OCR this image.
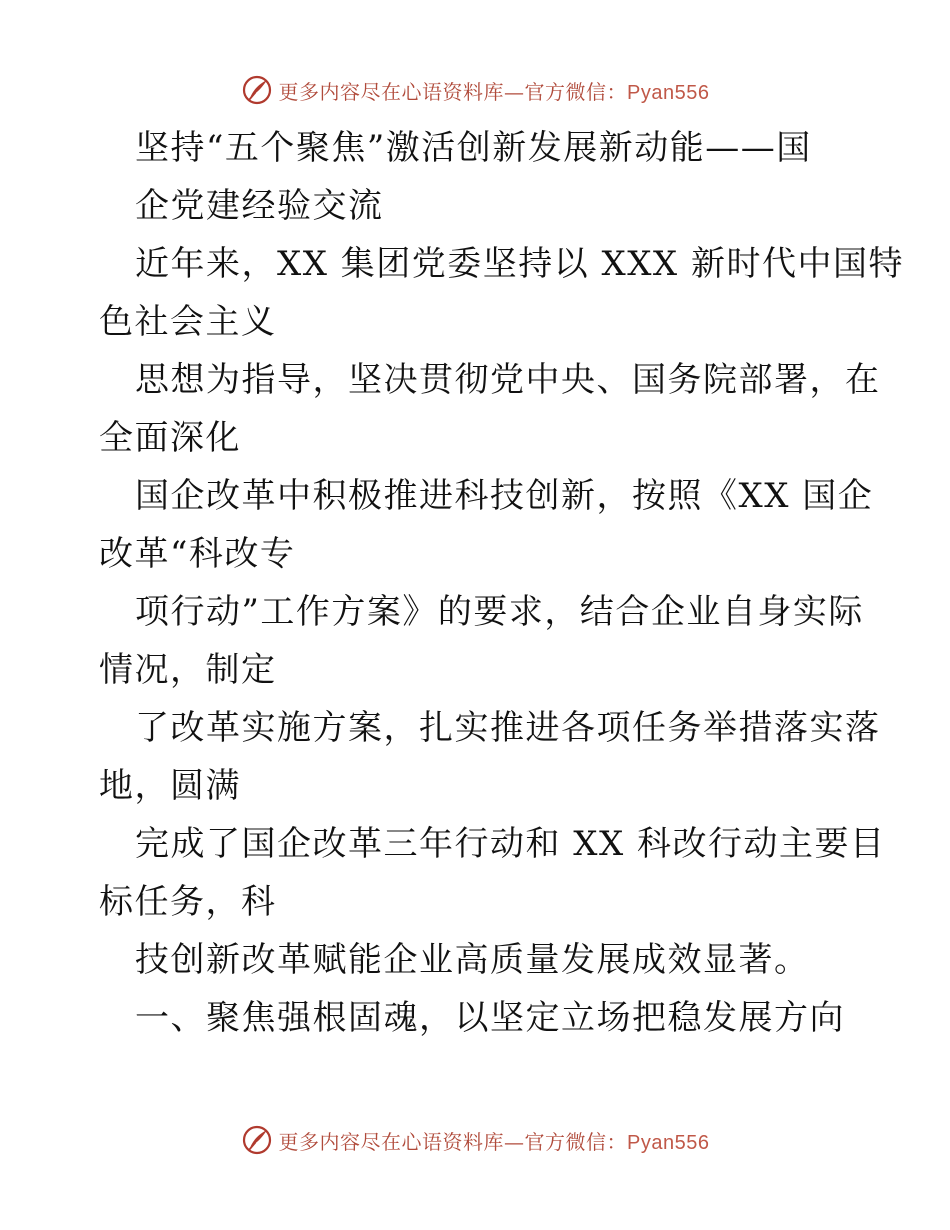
更多内容尽在心语资料库—官方微信：Pyan556
坚持“五个聚焦”激活创新发展新动能——国
企党建经验交流
近年来，XX 集团党委坚持以 XXX 新时代中国特
色社会主义
思想为指导，坚决贯彻党中央、国务院部署，在
全面深化
国企改革中积极推进科技创新，按照《XX 国企
改革“科改专
项行动”工作方案》的要求，结合企业自身实际
情况，制定
了改革实施方案，扎实推进各项任务举措落实落
地，圆满
完成了国企改革三年行动和 XX 科改行动主要目
标任务，科
技创新改革赋能企业高质量发展成效显著。
一、聚焦强根固魂，以坚定立场把稳发展方向
更多内容尽在心语资料库—官方微信：Pyan556
